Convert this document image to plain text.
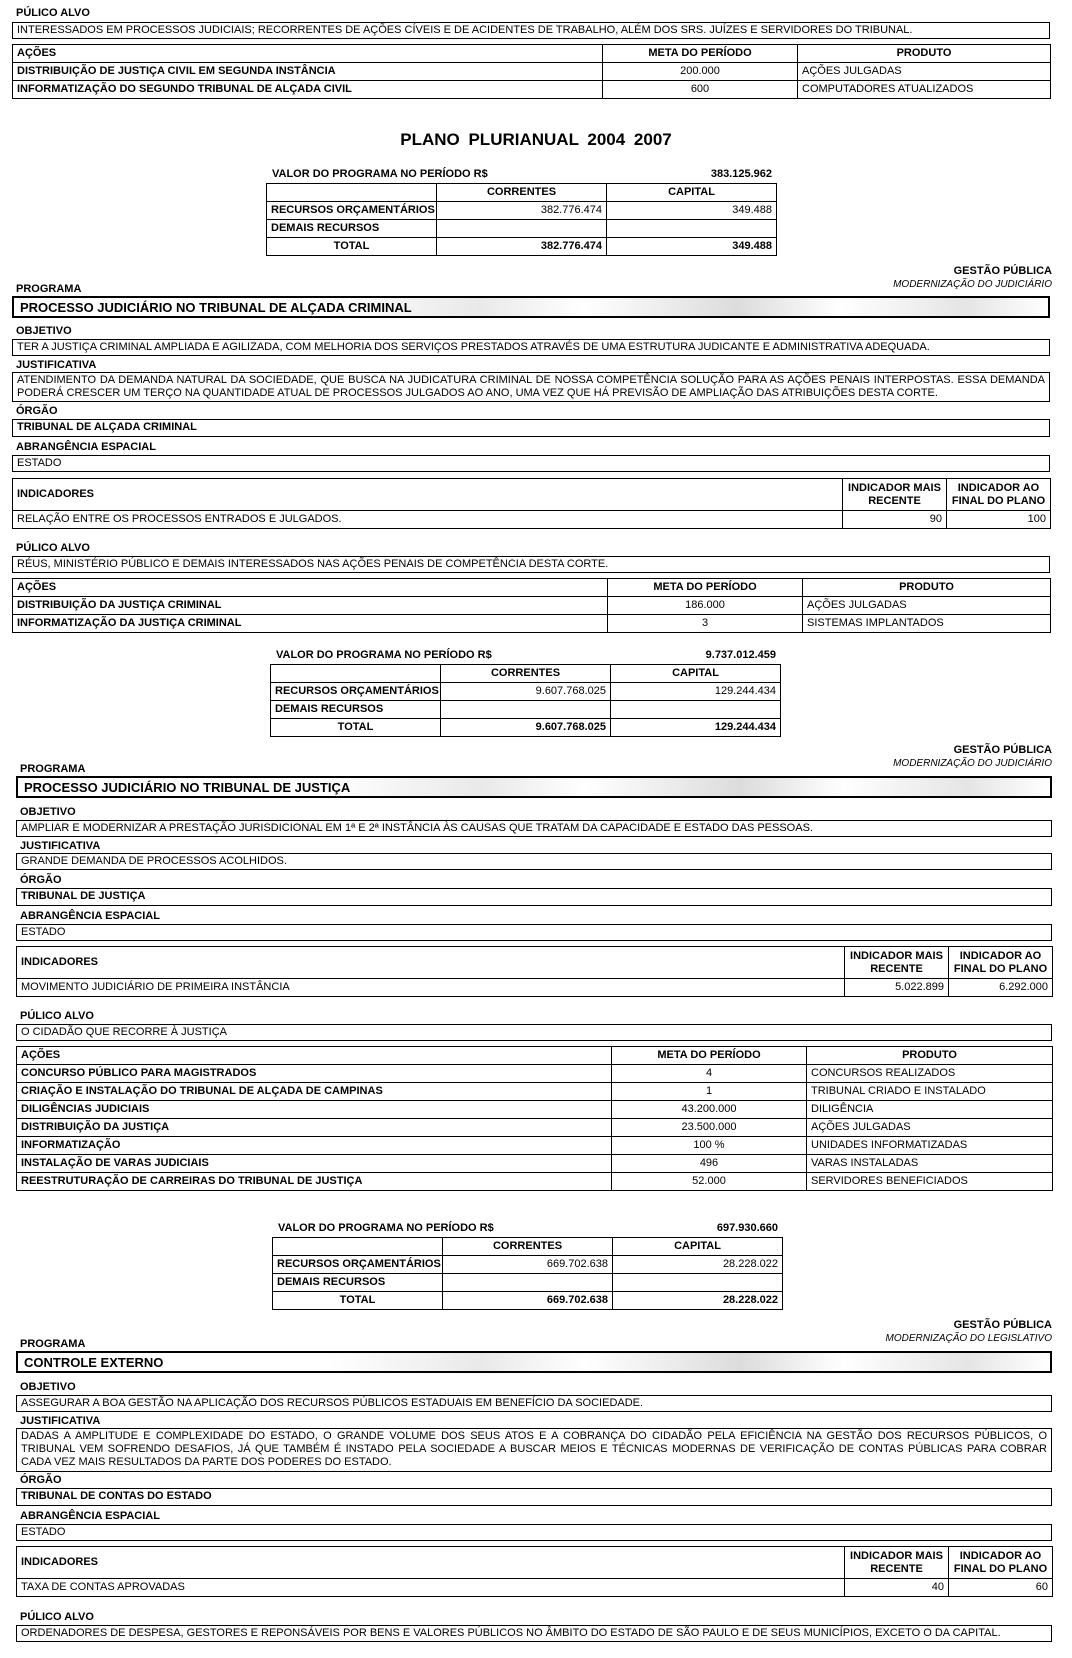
PÚLICO ALVO
INTERESSADOS EM PROCESSOS JUDICIAIS; RECORRENTES DE AÇÕES CÍVEIS E DE ACIDENTES DE TRABALHO, ALÉM DOS SRS. JUÍZES E SERVIDORES DO TRIBUNAL.
AÇÕES	META DO PERÍODO	PRODUTO
DISTRIBUIÇÃO DE JUSTIÇA CIVIL EM SEGUNDA INSTÂNCIA	200.000	AÇÕES JULGADAS
INFORMATIZAÇÃO DO SEGUNDO TRIBUNAL DE ALÇADA CIVIL	600	COMPUTADORES ATUALIZADOS
PLANO PLURIANUAL 2004 2007
VALOR DO PROGRAMA NO PERÍODO R$	383.125.962
	CORRENTES	CAPITAL
RECURSOS ORÇAMENTÁRIOS	382.776.474	349.488
DEMAIS RECURSOS		
TOTAL	382.776.474	349.488
GESTÃO PÚBLICA
MODERNIZAÇÃO DO JUDICIÁRIO
PROGRAMA
PROCESSO JUDICIÁRIO NO TRIBUNAL DE ALÇADA CRIMINAL
OBJETIVO
TER A JUSTIÇA CRIMINAL AMPLIADA E AGILIZADA, COM MELHORIA DOS SERVIÇOS PRESTADOS ATRAVÉS DE UMA ESTRUTURA JUDICANTE E ADMINISTRATIVA ADEQUADA.
JUSTIFICATIVA
ATENDIMENTO DA DEMANDA NATURAL DA SOCIEDADE, QUE BUSCA NA JUDICATURA CRIMINAL DE NOSSA COMPETÊNCIA SOLUÇÃO PARA AS AÇÕES PENAIS INTERPOSTAS. ESSA DEMANDA PODERÁ CRESCER UM TERÇO NA QUANTIDADE ATUAL DE PROCESSOS JULGADOS AO ANO, UMA VEZ QUE HÁ PREVISÃO DE AMPLIAÇÃO DAS ATRIBUIÇÕES DESTA CORTE.
ÓRGÃO
TRIBUNAL DE ALÇADA CRIMINAL
ABRANGÊNCIA ESPACIAL
ESTADO
INDICADORES	INDICADOR MAIS RECENTE	INDICADOR AO FINAL DO PLANO
RELAÇÃO ENTRE OS PROCESSOS ENTRADOS E JULGADOS.	90	100
PÚLICO ALVO
RÉUS, MINISTÉRIO PÚBLICO E DEMAIS INTERESSADOS NAS AÇÕES PENAIS DE COMPETÊNCIA DESTA CORTE.
AÇÕES	META DO PERÍODO	PRODUTO
DISTRIBUIÇÃO DA JUSTIÇA CRIMINAL	186.000	AÇÕES JULGADAS
INFORMATIZAÇÃO DA JUSTIÇA CRIMINAL	3	SISTEMAS IMPLANTADOS
VALOR DO PROGRAMA NO PERÍODO R$	9.737.012.459
	CORRENTES	CAPITAL
RECURSOS ORÇAMENTÁRIOS	9.607.768.025	129.244.434
DEMAIS RECURSOS		
TOTAL	9.607.768.025	129.244.434
GESTÃO PÚBLICA
MODERNIZAÇÃO DO JUDICIÁRIO
PROGRAMA
PROCESSO JUDICIÁRIO NO TRIBUNAL DE JUSTIÇA
OBJETIVO
AMPLIAR E MODERNIZAR A PRESTAÇÃO JURISDICIONAL EM 1ª E 2ª INSTÂNCIA ÀS CAUSAS QUE TRATAM DA CAPACIDADE E ESTADO DAS PESSOAS.
JUSTIFICATIVA
GRANDE DEMANDA DE PROCESSOS ACOLHIDOS.
ÓRGÃO
TRIBUNAL DE JUSTIÇA
ABRANGÊNCIA ESPACIAL
ESTADO
INDICADORES	INDICADOR MAIS RECENTE	INDICADOR AO FINAL DO PLANO
MOVIMENTO JUDICIÁRIO DE PRIMEIRA INSTÂNCIA	5.022.899	6.292.000
PÚLICO ALVO
O CIDADÃO QUE RECORRE À JUSTIÇA
AÇÕES	META DO PERÍODO	PRODUTO
CONCURSO PÚBLICO PARA MAGISTRADOS	4	CONCURSOS REALIZADOS
CRIAÇÃO E INSTALAÇÃO DO TRIBUNAL DE ALÇADA DE CAMPINAS	1	TRIBUNAL CRIADO E INSTALADO
DILIGÊNCIAS JUDICIAIS	43.200.000	DILIGÊNCIA
DISTRIBUIÇÃO DA JUSTIÇA	23.500.000	AÇÕES JULGADAS
INFORMATIZAÇÃO	100 %	UNIDADES INFORMATIZADAS
INSTALAÇÃO DE VARAS JUDICIAIS	496	VARAS INSTALADAS
REESTRUTURAÇÃO DE CARREIRAS DO TRIBUNAL DE JUSTIÇA	52.000	SERVIDORES BENEFICIADOS
VALOR DO PROGRAMA NO PERÍODO R$	697.930.660
	CORRENTES	CAPITAL
RECURSOS ORÇAMENTÁRIOS	669.702.638	28.228.022
DEMAIS RECURSOS		
TOTAL	669.702.638	28.228.022
GESTÃO PÚBLICA
MODERNIZAÇÃO DO LEGISLATIVO
PROGRAMA
CONTROLE EXTERNO
OBJETIVO
ASSEGURAR A BOA GESTÃO NA APLICAÇÃO DOS RECURSOS PÚBLICOS ESTADUAIS EM BENEFÍCIO DA SOCIEDADE.
JUSTIFICATIVA
DADAS A AMPLITUDE E COMPLEXIDADE DO ESTADO, O GRANDE VOLUME DOS SEUS ATOS E A COBRANÇA DO CIDADÃO PELA EFICIÊNCIA NA GESTÃO DOS RECURSOS PÚBLICOS, O TRIBUNAL VEM SOFRENDO DESAFIOS, JÁ QUE TAMBÉM É INSTADO PELA SOCIEDADE A BUSCAR MEIOS E TÉCNICAS MODERNAS DE VERIFICAÇÃO DE CONTAS PÚBLICAS PARA COBRAR CADA VEZ MAIS RESULTADOS DA PARTE DOS PODERES DO ESTADO.
ÓRGÃO
TRIBUNAL DE CONTAS DO ESTADO
ABRANGÊNCIA ESPACIAL
ESTADO
INDICADORES	INDICADOR MAIS RECENTE	INDICADOR AO FINAL DO PLANO
TAXA DE CONTAS APROVADAS	40	60
PÚLICO ALVO
ORDENADORES DE DESPESA, GESTORES E REPONSÁVEIS POR BENS E VALORES PÚBLICOS NO ÂMBITO DO ESTADO DE SÃO PAULO E DE SEUS MUNICÍPIOS, EXCETO O DA CAPITAL.
